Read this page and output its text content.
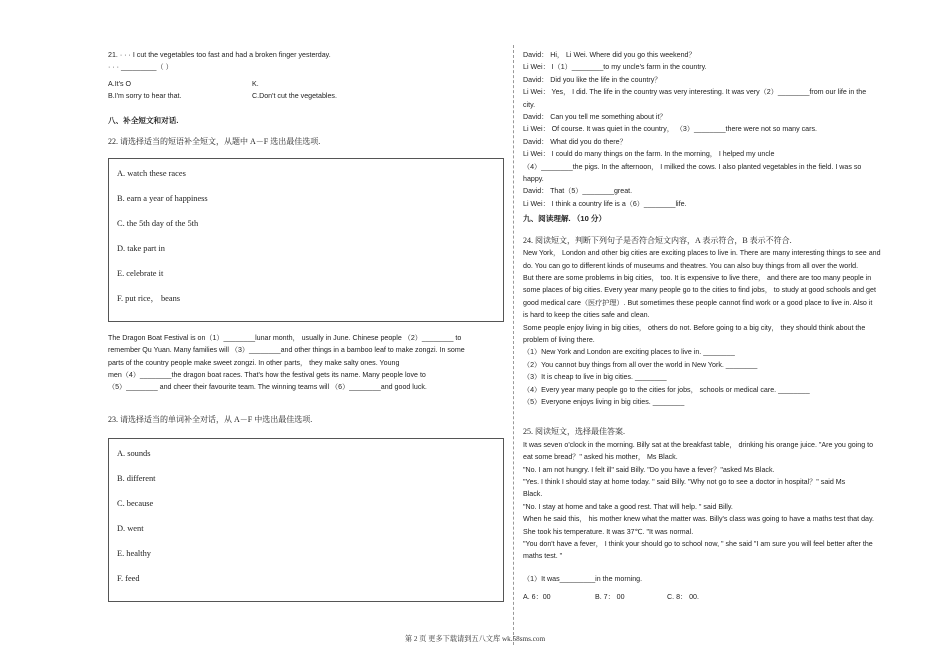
21. · · · I cut the vegetables too fast and had a broken finger yesterday.
· · · _________（ ）
A.It's O	K.
B.I'm sorry to hear that.	C.Don't cut the vegetables.
八、补全短文和对话.
22. 请选择适当的短语补全短文，从题中 A－F 选出最佳选项.
A. watch these races
B. earn a year of happiness
C. the 5th day of the 5th
D. take part in
E. celebrate it
F. put rice， beans
The Dragon Boat Festival is on（1）________lunar month， usually in June. Chinese people （2）________ to
remember Qu Yuan. Many families will （3）________and other things in a bamboo leaf to make zongzi. In some
parts of the country people make sweet zongzi. In other parts， they make salty ones. Young
men（4）________the dragon boat races. That's how the festival gets its name. Many people love to
（5）________ and cheer their favourite team. The winning teams will （6）________and good luck.
23. 请选择适当的单词补全对话，从 A－F 中选出最佳选项.
A. sounds
B. different
C. because
D. went
E. healthy
F. feed
David： Hi， Li Wei. Where did you go this weekend？
Li Wei： I（1）________to my uncle's farm in the country.
David： Did you like the life in the country？
Li Wei： Yes， I did. The life in the country was very interesting. It was very（2）________from our life in the
city.
David： Can you tell me something about it？
Li Wei： Of course. It was quiet in the country， （3）________there were not so many cars.
David： What did you do there？
Li Wei： I could do many things on the farm. In the morning， I helped my uncle
（4）________the pigs. In the afternoon， I milked the cows. I also planted vegetables in the field. I was so
happy.
David： That（5）________great.
Li Wei： I think a country life is a（6）________life.
九、阅读理解. （10 分）
24. 阅读短文，判断下列句子是否符合短文内容，A 表示符合，B 表示不符合.
New York， London and other big cities are exciting places to live in. There are many interesting things to see and
do. You can go to different kinds of museums and theatres. You can also buy things from all over the world.
But there are some problems in big cities， too. It is expensive to live there， and there are too many people in
some places of big cities. Every year many people go to the cities to find jobs， to study at good schools and get
good medical care（医疗护理）. But sometimes these people cannot find work or a good place to live in. Also it
is hard to keep the cities safe and clean.
Some people enjoy living in big cities， others do not. Before going to a big city， they should think about the
problem of living there.
（1）New York and London are exciting places to live in. ________
（2）You cannot buy things from all over the world in New York. ________
（3）It is cheap to live in big cities. ________
（4）Every year many people go to the cities for jobs， schools or medical care. ________
（5）Everyone enjoys living in big cities. ________
25. 阅读短文，选择最佳答案.
It was seven o'clock in the morning. Billy sat at the breakfast table， drinking his orange juice. "Are you going to
eat some bread？" asked his mother， Ms Black.
"No. I am not hungry. I felt ill" said Billy. "Do you have a fever？"asked Ms Black.
"Yes. I think I should stay at home today. " said Billy. "Why not go to see a doctor in hospital？" said Ms
Black.
"No. I stay at home and take a good rest. That will help. " said Billy.
When he said this， his mother knew what the matter was. Billy's class was going to have a maths test that day.
She took his temperature. It was 37℃. "It was normal.
"You don't have a fever， I think your should go to school now, " she said "I am sure you will feel better after the
maths test. "
（1）It was_________in the morning.
A. 6：00	B. 7： 00	C. 8： 00.
第 2 页 更多下载请到五八文库 wk.58sms.com
